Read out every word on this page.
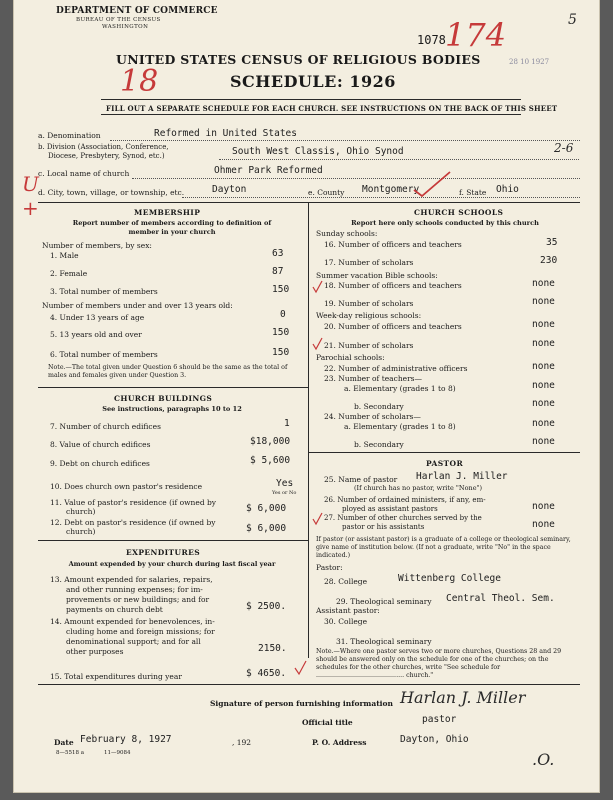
DEPARTMENT OF COMMERCE
BUREAU OF THE CENSUS
WASHINGTON
1078
28 10 1927
174	5
UNITED STATES CENSUS OF RELIGIOUS BODIES
SCHEDULE: 1926
18
FILL OUT A SEPARATE SCHEDULE FOR EACH CHURCH. SEE INSTRUCTIONS ON THE BACK OF THIS SHEET
a. Denomination	Reformed in United States
b. Division (Association, Conference,
Diocese, Presbytery, Synod, etc.)	South West Classis, Ohio Synod	2-6
c. Local name of church	Ohmer Park Reformed
U
+
d. City, town, village, or township, etc.	Dayton	e. County Montgomery	f. State Ohio
MEMBERSHIP
Report number of members according to definition of
member in your church
Number of members, by sex:
1. Male	63
2. Female	87
3. Total number of members	150
Number of members under and over 13 years old:
4. Under 13 years of age	0
5. 13 years old and over	150
6. Total number of members	150
Note.—The total given under Question 6 should be the same as the total of males and females given under Question 3.
CHURCH BUILDINGS
See instructions, paragraphs 10 to 12
7. Number of church edifices	1
8. Value of church edifices	$18,000
9. Debt on church edifices	$ 5,600
10. Does church own pastor's residence	Yes
Yes or No
11. Value of pastor's residence (if owned by
church)	$ 6,000
12. Debt on pastor's residence (if owned by
church)	$ 6,000
EXPENDITURES
Amount expended by your church during last fiscal year
13. Amount expended for salaries, repairs,
and other running expenses; for im-
provements or new buildings; and for
payments on church debt	$ 2500.
14. Amount expended for benevolences, in-
cluding home and foreign missions; for
denominational support; and for all
other purposes	2150.
15. Total expenditures during year	$ 4650.
CHURCH SCHOOLS
Report here only schools conducted by this church
Sunday schools:
16. Number of officers and teachers	35
17. Number of scholars	230
Summer vacation Bible schools:
18. Number of officers and teachers	none
19. Number of scholars	none
Week-day religious schools:
20. Number of officers and teachers	none
21. Number of scholars	none
Parochial schools:
22. Number of administrative officers	none
23. Number of teachers—
a. Elementary (grades 1 to 8)	none
b. Secondary	none
24. Number of scholars—
a. Elementary (grades 1 to 8)	none
b. Secondary	none
PASTOR
25. Name of pastor Harlan J. Miller
(If church has no pastor, write "None")
26. Number of ordained ministers, if any, em-
ployed as assistant pastors	none
27. Number of other churches served by the
pastor or his assistants	none
If pastor (or assistant pastor) is a graduate of a college or theological seminary, give name of institution below. (If not a graduate, write "No" in the space indicated.)
Pastor:
28. College	Wittenberg College
29. Theological seminary Central Theol. Sem.
Assistant pastor:
30. College
31. Theological seminary
Note.—Where one pastor serves two or more churches, Questions 28 and 29 should be answered only on the schedule for one of the churches; on the schedules for the other churches, write "See schedule for ............................................ church."
Signature of person furnishing information Harlan J. Miller
Official title	pastor
Date February 8, 1927	, 192	P. O. Address	Dayton, Ohio
8—5518 a	11—9084	.O.
